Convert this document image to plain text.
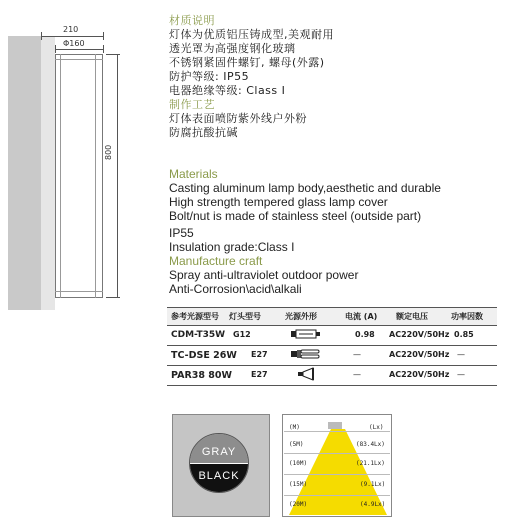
210
Φ160
800
材质说明
灯体为优质铝压铸成型,美观耐用
透光罩为高强度钢化玻璃
不锈钢紧固件螺钉, 螺母(外露)
防护等级: IP55
电器绝缘等级: Class I
制作工艺
灯体表面喷防紫外线户外粉
防腐抗酸抗碱
Materials
Casting aluminum lamp body,aesthetic and durable
High strength tempered glass lamp cover
Bolt/nut is made of stainless steel (outside part)
IP55
Insulation grade:Class I
Manufacture craft
Spray anti-ultraviolet outdoor power
Anti-Corrosion\acid\alkali
参考光源型号 灯头型号	光源外形	电流 (A) 额定电压	功率因数
CDM-T35W G12	0.98 AC220V/50Hz 0.85
TC-DSE 26W E27	—	AC220V/50Hz —
PAR38 80W E27	—	AC220V/50Hz —
GRAY
BLACK
(M)	(Lx)
(5M)	(83.4Lx)
(10M)	(21.1Lx)
(15M)	(9.1Lx)
(20M)	(4.9Lx)
